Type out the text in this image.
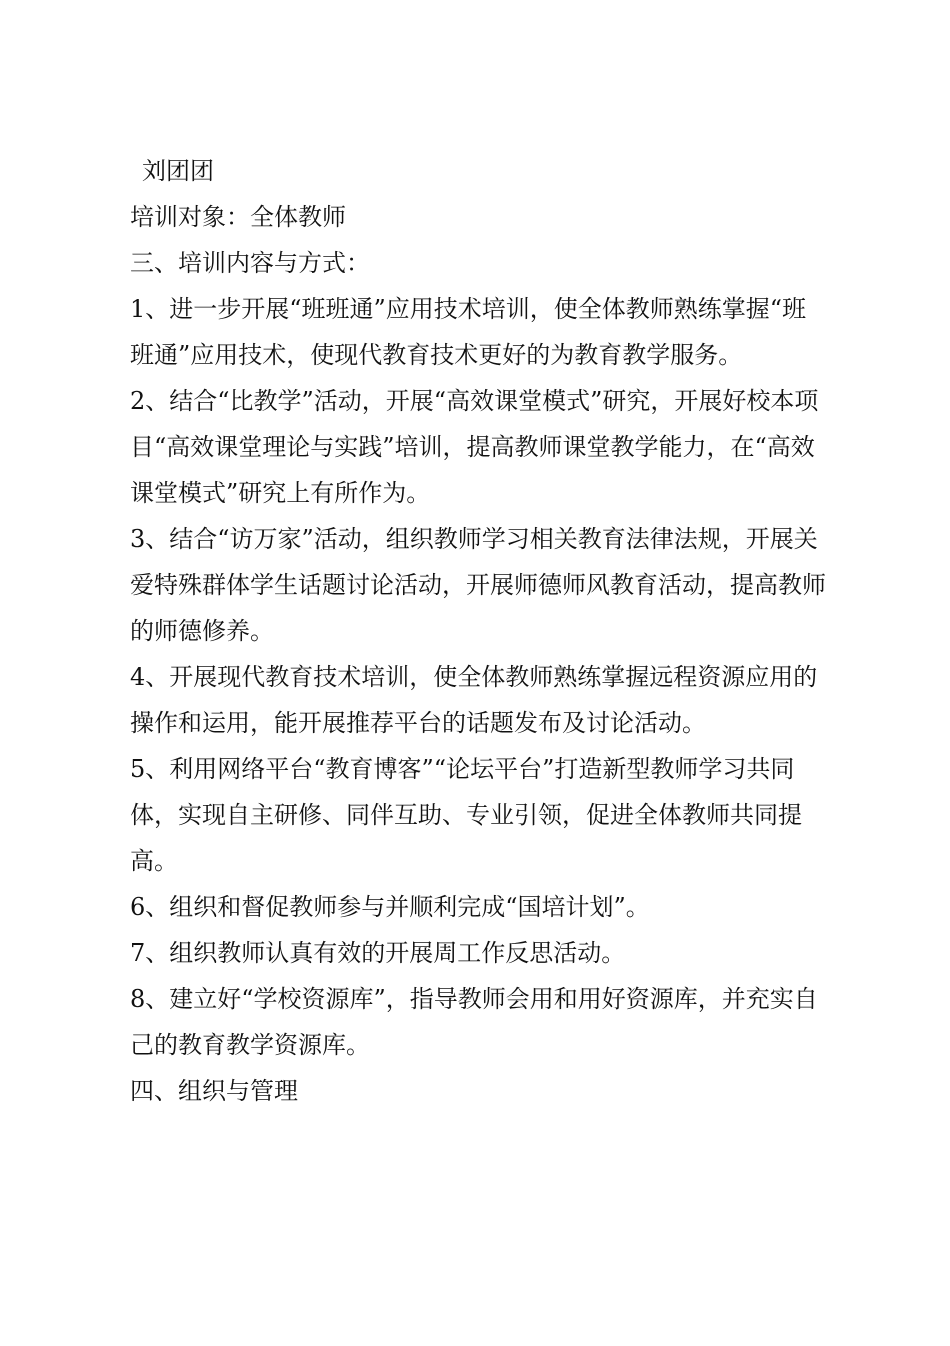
刘团团

培训对象：全体教师

三、培训内容与方式：

1、进一步开展“班班通”应用技术培训，使全体教师熟练掌握“班班通”应用技术，使现代教育技术更好的为教育教学服务。

2、结合“比教学”活动，开展“高效课堂模式”研究，开展好校本项目“高效课堂理论与实践”培训，提高教师课堂教学能力，在“高效课堂模式”研究上有所作为。

3、结合“访万家”活动，组织教师学习相关教育法律法规，开展关爱特殊群体学生话题讨论活动，开展师德师风教育活动，提高教师的师德修养。

4、开展现代教育技术培训，使全体教师熟练掌握远程资源应用的操作和运用，能开展推荐平台的话题发布及讨论活动。

5、利用网络平台“教育博客”“论坛平台”打造新型教师学习共同体，实现自主研修、同伴互助、专业引领，促进全体教师共同提高。

6、组织和督促教师参与并顺利完成“国培计划”。

7、组织教师认真有效的开展周工作反思活动。

8、建立好“学校资源库”，指导教师会用和用好资源库，并充实自己的教育教学资源库。

四、组织与管理
